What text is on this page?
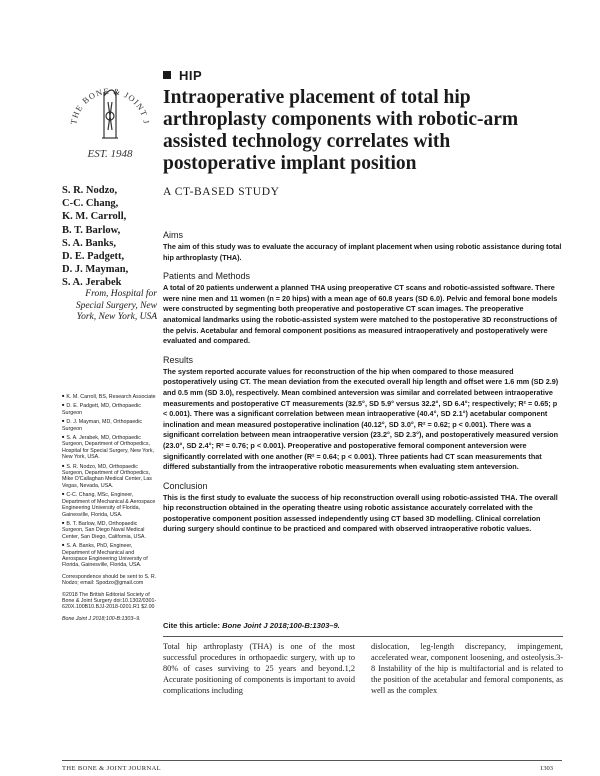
THE BONE & JOINT J
EST. 1948
HIP
Intraoperative placement of total hip arthroplasty components with robotic-arm assisted technology correlates with postoperative implant position
A CT-BASED STUDY
S. R. Nodzo,
C-C. Chang,
K. M. Carroll,
B. T. Barlow,
S. A. Banks,
D. E. Padgett,
D. J. Mayman,
S. A. Jerabek
From, Hospital for Special Surgery, New York, New York, USA
■ K. M. Carroll, BS, Research Associate
■ D. E. Padgett, MD, Orthopaedic Surgeon
■ D. J. Mayman, MD, Orthopaedic Surgeon
■ S. A. Jerabek, MD, Orthopaedic Surgeon, Department of Orthopedics, Hospital for Special Surgery, New York, New York, USA.
■ S. R. Nodzo, MD, Orthopaedic Surgeon, Department of Orthopedics, Mike O'Callaghan Medical Center, Las Vegas, Nevada, USA.
■ C-C. Chang, MSc, Engineer, Department of Mechanical & Aerospace Engineering University of Florida, Gainesville, Florida, USA.
■ B. T. Barlow, MD, Orthopaedic Surgeon, San Diego Naval Medical Center, San Diego, California, USA.
■ S. A. Banks, PhD, Engineer, Department of Mechanical and Aerospace Engineering University of Florida, Gainesville, Florida, USA.
Correspondence should be sent to S. R. Nodzo; email: Spodzo@gmail.com
©2018 The British Editorial Society of Bone & Joint Surgery doi:10.1302/0301-620X.100B10.BJJ-2018-0201.R1 $2.00
Bone Joint J 2018;100-B:1303–9.
Aims

The aim of this study was to evaluate the accuracy of implant placement when using robotic assistance during total hip arthroplasty (THA).

Patients and Methods

A total of 20 patients underwent a planned THA using preoperative CT scans and robotic-assisted software. There were nine men and 11 women (n = 20 hips) with a mean age of 60.8 years (SD 6.0). Pelvic and femoral bone models were constructed by segmenting both preoperative and postoperative CT scan images. The preoperative anatomical landmarks using the robotic-assisted system were matched to the postoperative 3D reconstructions of the pelvis. Acetabular and femoral component positions as measured intraoperatively and postoperatively were evaluated and compared.

Results

The system reported accurate values for reconstruction of the hip when compared to those measured postoperatively using CT. The mean deviation from the executed overall hip length and offset were 1.6 mm (SD 2.9) and 0.5 mm (SD 3.0), respectively. Mean combined anteversion was similar and correlated between intraoperative measurements and postoperative CT measurements (32.5°, SD 5.9° versus 32.2°, SD 6.4°; respectively; R² = 0.65; p < 0.001). There was a significant correlation between mean intraoperative (40.4°, SD 2.1°) acetabular component inclination and mean measured postoperative inclination (40.12°, SD 3.0°, R² = 0.62; p < 0.001). There was a significant correlation between mean intraoperative version (23.2°, SD 2.3°), and postoperatively measured version (23.0°, SD 2.4°; R² = 0.76; p < 0.001). Preoperative and postoperative femoral component anteversion were significantly correlated with one another (R² = 0.64; p < 0.001). Three patients had CT scan measurements that differed substantially from the intraoperative robotic measurements when evaluating stem anteversion.

Conclusion

This is the first study to evaluate the success of hip reconstruction overall using robotic-assisted THA. The overall hip reconstruction obtained in the operating theatre using robotic assistance accurately correlated with the postoperative component position assessed independently using CT based 3D modelling. Clinical correlation during surgery should continue to be practiced and compared with observed intraoperative robotic values.

Cite this article: Bone Joint J 2018;100-B:1303–9.
Total hip arthroplasty (THA) is one of the most successful procedures in orthopaedic surgery, with up to 80% of cases surviving to 25 years and beyond.1,2 Accurate positioning of components is important to avoid complications including
dislocation, leg-length discrepancy, impingement, accelerated wear, component loosening, and osteolysis.3-8 Instability of the hip is multifactorial and is related to the position of the acetabular and femoral components, as well as the complex
THE BONE & JOINT JOURNAL	1303
